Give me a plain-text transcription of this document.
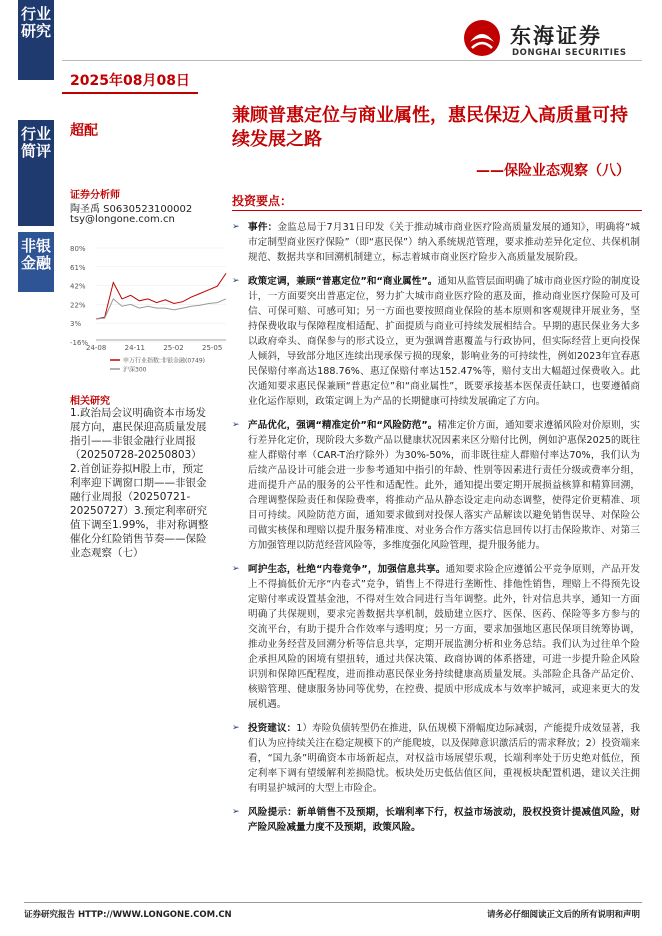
行业
研究
行业
简评
非银
金融
2025年08月08日
东海证券
DONGHAI SECURITIES
超配
兼顾普惠定位与商业属性，惠民保迈入高质量可持续发展之路
——保险业态观察（八）
证券分析师
陶圣禹 S0630523100002
tsy@longone.com.cn
80%
61%
42%
22%
3%
-16%
24-08	24-11	25-02	25-05
申万行业指数:非银金融(0749)
沪深300
相关研究
1.政治局会议明确资本市场发展方向，惠民保迎高质量发展指引——非银金融行业周报（20250728-20250803）2.首创证券拟H股上市，预定利率迎下调窗口期——非银金融行业周报（20250721-20250727）3.预定利率研究值下调至1.99%，非对称调整催化分红险销售节奏——保险业态观察（七）
投资要点：
➢ 事件：金监总局于7月31日印发《关于推动城市商业医疗险高质量发展的通知》，明确将“城市定制型商业医疗保险”（即“惠民保”）纳入系统规范管理，要求推动差异化定位、共保机制规范、数据共享和回溯机制建立，标志着城市商业医疗险步入高质量发展阶段。
➢ 政策定调，兼顾“普惠定位”和“商业属性”。通知从监管层面明确了城市商业医疗险的制度设计，一方面要突出普惠定位，努力扩大城市商业医疗险的惠及面，推动商业医疗保险可及可信、可保可赔、可感可知；另一方面也要按照商业保险的基本原则和客观规律开展业务，坚持保费收取与保障程度相适配、扩面提质与商业可持续发展相结合。早期的惠民保业务大多以政府牵头、商保参与的形式设立，更为强调普惠覆盖与行政协同，但实际经营上更向投保人倾斜，导致部分地区连续出现承保亏损的现象，影响业务的可持续性，例如2023年宜春惠民保赔付率高达188.76%、惠辽保赔付率达152.47%等，赔付支出大幅超过保费收入。此次通知要求惠民保兼顾“普惠定位”和“商业属性”，既要承接基本医保责任缺口，也要遵循商业化运作原则，政策定调上为产品的长期健康可持续发展确定了方向。
➢ 产品优化，强调“精准定价”和“风险防范”。精准定价方面，通知要求遵循风险对价原则，实行差异化定价，现阶段大多数产品以健康状况因素来区分赔付比例，例如沪惠保2025的既往症人群赔付率（CAR-T治疗除外）为30%-50%，而非既往症人群赔付率达70%，我们认为后续产品设计可能会进一步参考通知中指引的年龄、性别等因素进行责任分级或费率分组，进而提升产品的服务的公平性和适配性。此外，通知提出要定期开展损益核算和精算回溯，合理调整保险责任和保险费率，将推动产品从静态设定走向动态调整，使得定价更精准、项目可持续。风险防范方面，通知要求做到对投保人落实产品解读以避免销售误导、对保险公司做实核保和理赔以提升服务精准度、对业务合作方落实信息回传以打击保险欺诈、对第三方加强管理以防范经营风险等，多维度强化风险管理，提升服务能力。
➢ 呵护生态，杜绝“内卷竞争”，加强信息共享。通知要求险企应遵循公平竞争原则，产品开发上不得搞低价无序“内卷式”竞争，销售上不得进行垄断性、排他性销售，理赔上不得预先设定赔付率或设置基金池，不得对生效合同进行当年调整。此外，针对信息共享，通知一方面明确了共保规则，要求完善数据共享机制，鼓励建立医疗、医保、医药、保险等多方参与的交流平台，有助于提升合作效率与透明度；另一方面，要求加强地区惠民保项目统筹协调，推动业务经营及回溯分析等信息共享，定期开展监测分析和业务总结。我们认为过往单个险企承担风险的困境有望扭转，通过共保决策、政商协调的体系搭建，可进一步提升险企风险识别和保障匹配程度，进而推动惠民保业务持续健康高质量发展。头部险企具备产品定价、核赔管理、健康服务协同等优势，在控费、提质中形成成本与效率护城河，或迎来更大的发展机遇。
➢ 投资建议：1）寿险负债转型仍在推进，队伍规模下滑幅度边际减弱，产能提升成效显著，我们认为应持续关注在稳定规模下的产能爬坡，以及保障意识激活后的需求释放；2）投资端来看，“国九条”明确资本市场新起点，对权益市场展望乐观，长端利率处于历史绝对低位，预定利率下调有望缓解利差损隐忧。板块处历史低估值区间，重视板块配置机遇，建议关注拥有明显护城河的大型上市险企。
➢ 风险提示：新单销售不及预期，长端利率下行，权益市场波动，股权投资计提减值风险，财产险风险减量力度不及预期，政策风险。
证券研究报告 HTTP://WWW.LONGONE.COM.CN	请务必仔细阅读正文后的所有说明和声明
